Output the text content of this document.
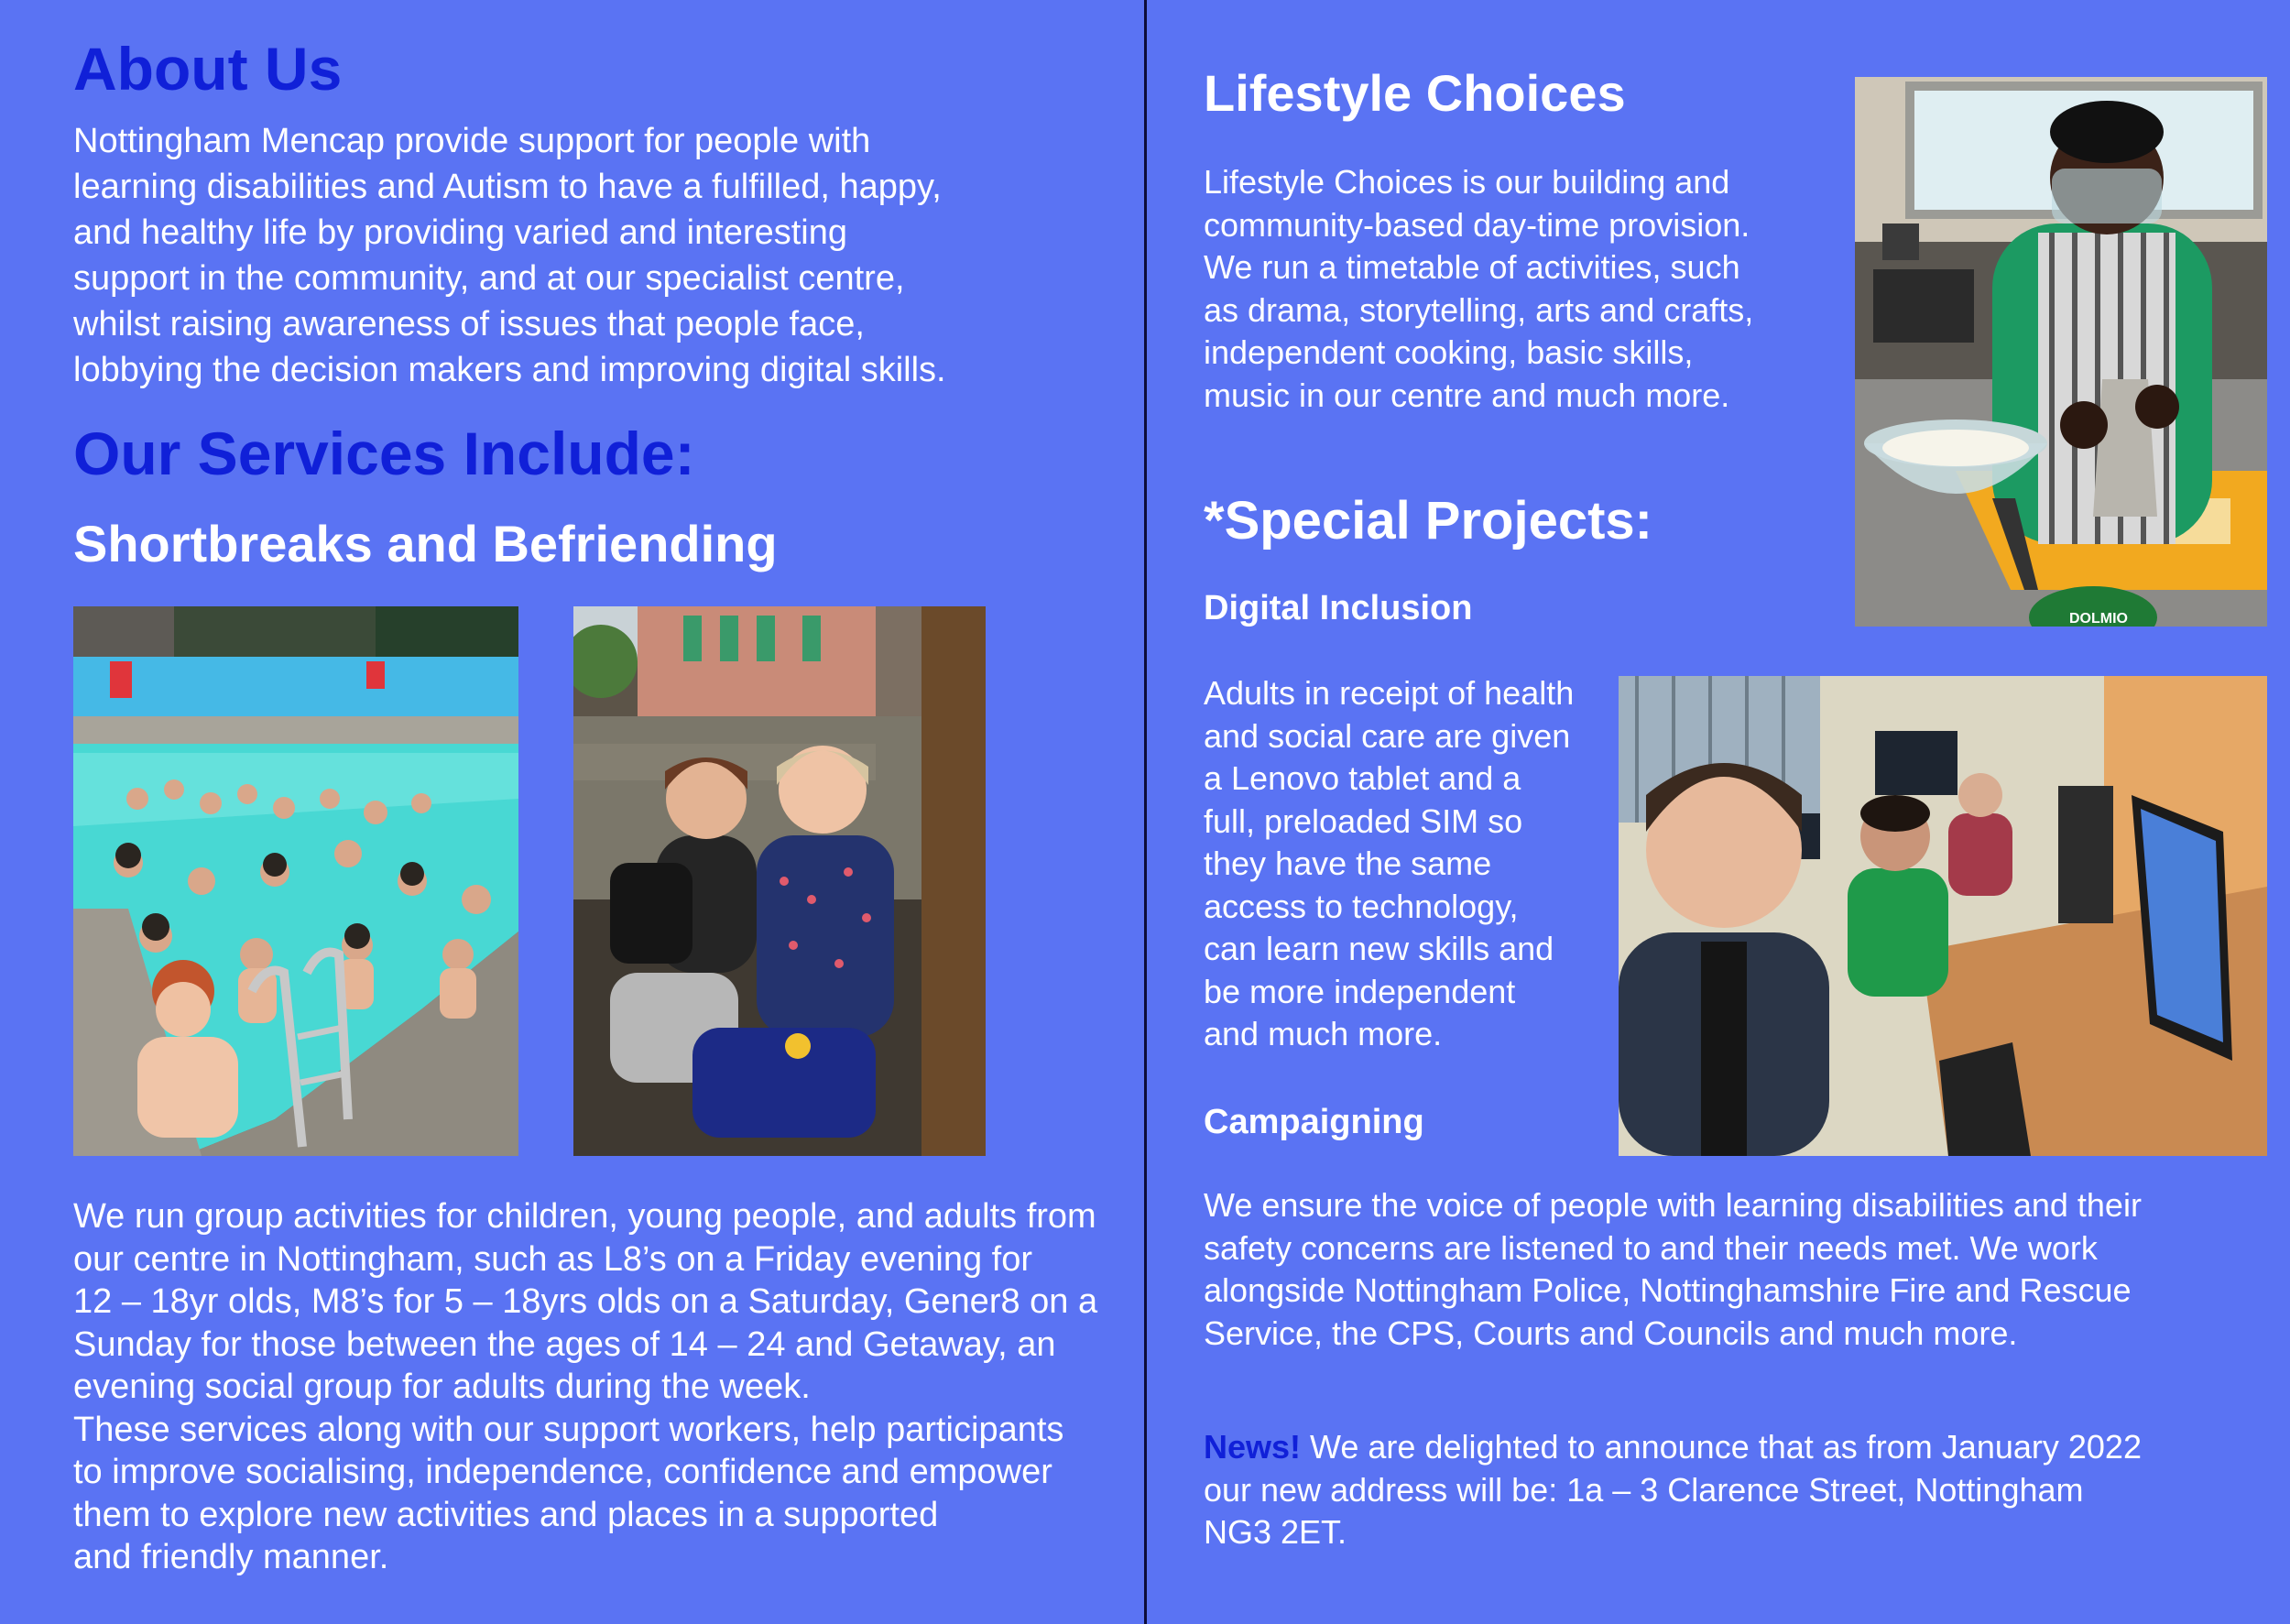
About Us

Nottingham Mencap provide support for people with

learning disabilities and Autism to have a fulfilled, happy,

and healthy life by providing varied and interesting

support in the community, and at our specialist centre,

whilst raising awareness of issues that people face,

lobbying the decision makers and improving digital skills.

Our Services Include:
Shortbreaks and Befriending

We run group activities for children, young people, and adults from

our centre in Nottingham, such as L8’s on a Friday evening for

12 – 18yr olds, M8’s for 5 – 18yrs olds on a Saturday, Gener8 on a

Sunday for those between the ages of 14 – 24 and Getaway, an

evening social group for adults during the week.

These services along with our support workers, help participants

to improve socialising, independence, confidence and empower

them to explore new activities and places in a supported

and friendly manner.

Lifestyle Choices

Lifestyle Choices is our building and

community-based day-time provision.

We run a timetable of activities, such

as drama, storytelling, arts and crafts,

independent cooking, basic skills,

music in our centre and much more.

DOLMIO
*Special Projects:
Digital Inclusion

Adults in receipt of health

and social care are given

a Lenovo tablet and a

full, preloaded SIM so

they have the same

access to technology,

can learn new skills and

be more independent

and much more.

Campaigning

We ensure the voice of people with learning disabilities and their

safety concerns are listened to and their needs met. We work

alongside Nottingham Police, Nottinghamshire Fire and Rescue

Service, the CPS, Courts and Councils and much more.

News! We are delighted to announce that as from January 2022

our new address will be: 1a – 3 Clarence Street, Nottingham

NG3 2ET.
